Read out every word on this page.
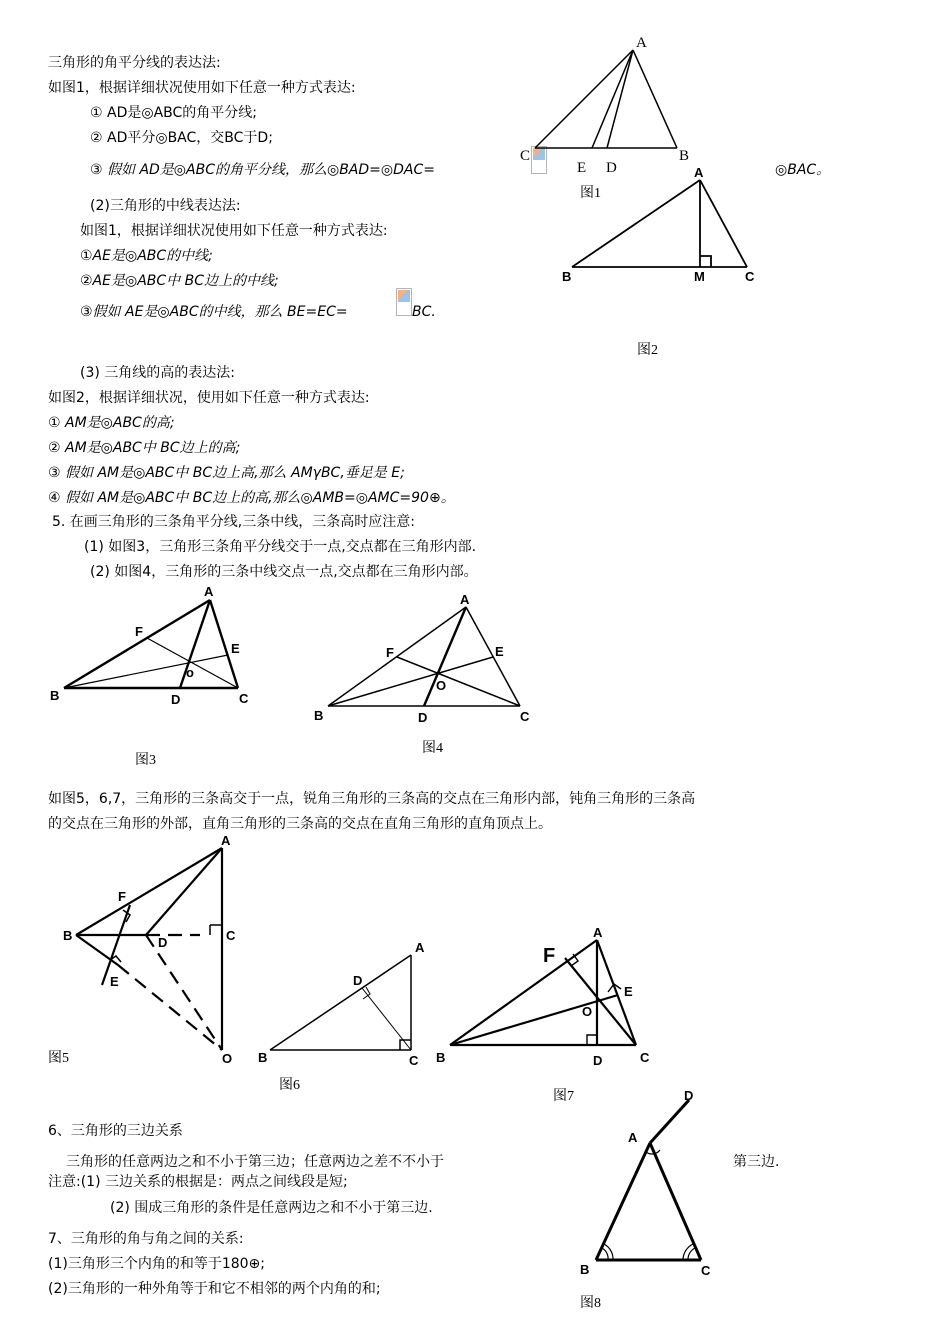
三角形的角平分线的表达法:
如图1，根据详细状况使用如下任意一种方式表达:
① AD是◎ABC的角平分线;
② AD平分◎BAC，交BC于D;
③ 假如 AD是◎ABC的角平分线，那么◎BAD=◎DAC=	◎BAC。
(2)三角形的中线表达法:
如图1，根据详细状况使用如下任意一种方式表达:
①AE是◎ABC的中线;
②AE是◎ABC中 BC边上的中线;
③假如 AE是◎ABC的中线，那么 BE=EC=	BC.
(3) 三角线的高的表达法:
如图2，根据详细状况，使用如下任意一种方式表达:
① AM是◎ABC的高;
② AM是◎ABC中 BC边上的高;
③ 假如 AM是◎ABC中 BC边上高,那么 AMγBC,垂足是 E;
④ 假如 AM是◎ABC中 BC边上的高,那么◎AMB=◎AMC=90⊕。
5. 在画三角形的三条角平分线,三条中线，三条高时应注意:
(1) 如图3，三角形三条角平分线交于一点,交点都在三角形内部.
(2) 如图4，三角形的三条中线交点一点,交点都在三角形内部。
如图5，6,7，三角形的三条高交于一点，锐角三角形的三条高的交点在三角形内部，钝角三角形的三条高
的交点在三角形的外部，直角三角形的三条高的交点在直角三角形的直角顶点上。
6、三角形的三边关系
三角形的任意两边之和不小于第三边；任意两边之差不不小于	第三边.
注意:(1) 三边关系的根据是：两点之间线段是短;
(2) 围成三角形的条件是任意两边之和不小于第三边.
7、三角形的角与角之间的关系:
(1)三角形三个内角的和等于180⊕;
(2)三角形的一种外角等于和它不相邻的两个内角的和;
图1
图2
图3
图4
图5
图6
图7
图8
A
B
C
E D	A
B	C
M
A
B	C
D
E
F
o
A
B	C
D
E
F
O
A
B	C
D
E
F
O
A
B	C
D
A
B	C
D
E
F
O
A
B	C
D
